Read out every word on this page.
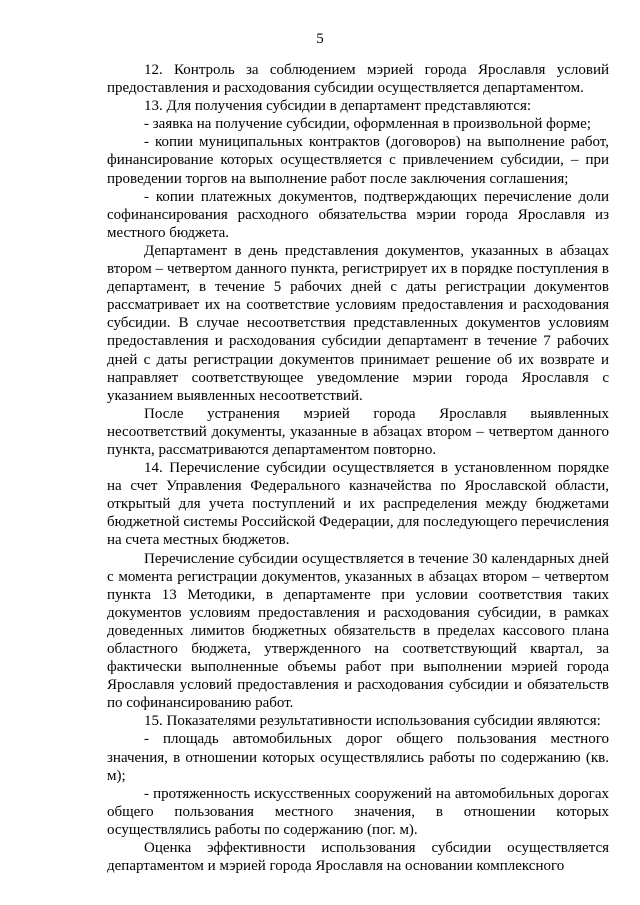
5

12. Контроль за соблюдением мэрией города Ярославля условий предоставления и расходования субсидии осуществляется департаментом.

13. Для получения субсидии в департамент представляются:

- заявка на получение субсидии, оформленная в произвольной форме;

- копии муниципальных контрактов (договоров) на выполнение работ, финансирование которых осуществляется с привлечением субсидии, – при проведении торгов на выполнение работ после заключения соглашения;

- копии платежных документов, подтверждающих перечисление доли софинансирования расходного обязательства мэрии города Ярославля из местного бюджета.

Департамент в день представления документов, указанных в абзацах втором – четвертом данного пункта, регистрирует их в порядке поступления в департамент, в течение 5 рабочих дней с даты регистрации документов рассматривает их на соответствие условиям предоставления и расходования субсидии. В случае несоответствия представленных документов условиям предоставления и расходования субсидии департамент в течение 7 рабочих дней с даты регистрации документов принимает решение об их возврате и направляет соответствующее уведомление мэрии города Ярославля с указанием выявленных несоответствий.

После устранения мэрией города Ярославля выявленных несоответствий документы, указанные в абзацах втором – четвертом данного пункта, рассматриваются департаментом повторно.

14. Перечисление субсидии осуществляется в установленном порядке на счет Управления Федерального казначейства по Ярославской области, открытый для учета поступлений и их распределения между бюджетами бюджетной системы Российской Федерации, для последующего перечисления на счета местных бюджетов.

Перечисление субсидии осуществляется в течение 30 календарных дней с момента регистрации документов, указанных в абзацах втором – четвертом пункта 13 Методики, в департаменте при условии соответствия таких документов условиям предоставления и расходования субсидии, в рамках доведенных лимитов бюджетных обязательств в пределах кассового плана областного бюджета, утвержденного на соответствующий квартал, за фактически выполненные объемы работ при выполнении мэрией города Ярославля условий предоставления и расходования субсидии и обязательств по софинансированию работ.

15. Показателями результативности использования субсидии являются:

- площадь автомобильных дорог общего пользования местного значения, в отношении которых осуществлялись работы по содержанию (кв. м);

- протяженность искусственных сооружений на автомобильных дорогах общего пользования местного значения, в отношении которых осуществлялись работы по содержанию (пог. м).

Оценка эффективности использования субсидии осуществляется департаментом и мэрией города Ярославля на основании комплексного
